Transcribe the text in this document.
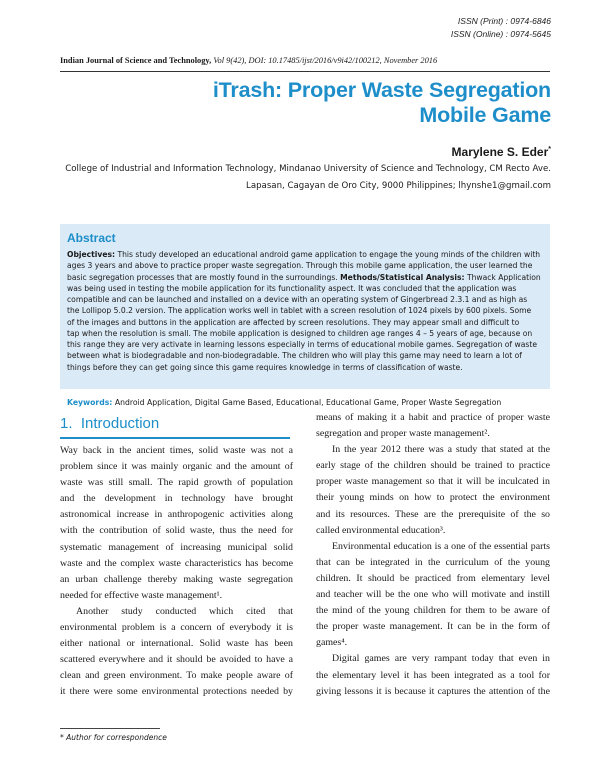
ISSN (Print) : 0974-6846
ISSN (Online) : 0974-5645
Indian Journal of Science and Technology, Vol 9(42), DOI: 10.17485/ijst/2016/v9i42/100212, November 2016
iTrash: Proper Waste Segregation
Mobile Game
Marylene S. Eder*
College of Industrial and Information Technology, Mindanao University of Science and Technology, CM Recto Ave.
Lapasan, Cagayan de Oro City, 9000 Philippines; lhynshe1@gmail.com
Abstract
Objectives: This study developed an educational android game application to engage the young minds of the children with
ages 3 years and above to practice proper waste segregation. Through this mobile game application, the user learned the
basic segregation processes that are mostly found in the surroundings. Methods/Statistical Analysis: Thwack Application
was being used in testing the mobile application for its functionality aspect. It was concluded that the application was
compatible and can be launched and installed on a device with an operating system of Gingerbread 2.3.1 and as high as
the Lollipop 5.0.2 version. The application works well in tablet with a screen resolution of 1024 pixels by 600 pixels. Some
of the images and buttons in the application are affected by screen resolutions. They may appear small and difficult to
tap when the resolution is small. The mobile application is designed to children age ranges 4 – 5 years of age, because on
this range they are very activate in learning lessons especially in terms of educational mobile games. Segregation of waste
between what is biodegradable and non-biodegradable. The children who will play this game may need to learn a lot of
things before they can get going since this game requires knowledge in terms of classification of waste.
Keywords: Android Application, Digital Game Based, Educational, Educational Game, Proper Waste Segregation
1. Introduction
Way back in the ancient times, solid waste was not a
problem since it was mainly organic and the amount of
waste was still small. The rapid growth of population
and the development in technology have brought
astronomical increase in anthropogenic activities along
with the contribution of solid waste, thus the need for
systematic management of increasing municipal solid
waste and the complex waste characteristics has become
an urban challenge thereby making waste segregation
needed for effective waste management¹.
Another study conducted which cited that
environmental problem is a concern of everybody it is
either national or international. Solid waste has been
scattered everywhere and it should be avoided to have a
clean and green environment. To make people aware of
it there were some environmental protections needed by
means of making it a habit and practice of proper waste
segregation and proper waste management².
In the year 2012 there was a study that stated at the
early stage of the children should be trained to practice
proper waste management so that it will be inculcated in
their young minds on how to protect the environment
and its resources. These are the prerequisite of the so
called environmental education³.
Environmental education is a one of the essential parts
that can be integrated in the curriculum of the young
children. It should be practiced from elementary level
and teacher will be the one who will motivate and instill
the mind of the young children for them to be aware of
the proper waste management. It can be in the form of
games⁴.
Digital games are very rampant today that even in
the elementary level it has been integrated as a tool for
giving lessons it is because it captures the attention of the
* Author for correspondence
